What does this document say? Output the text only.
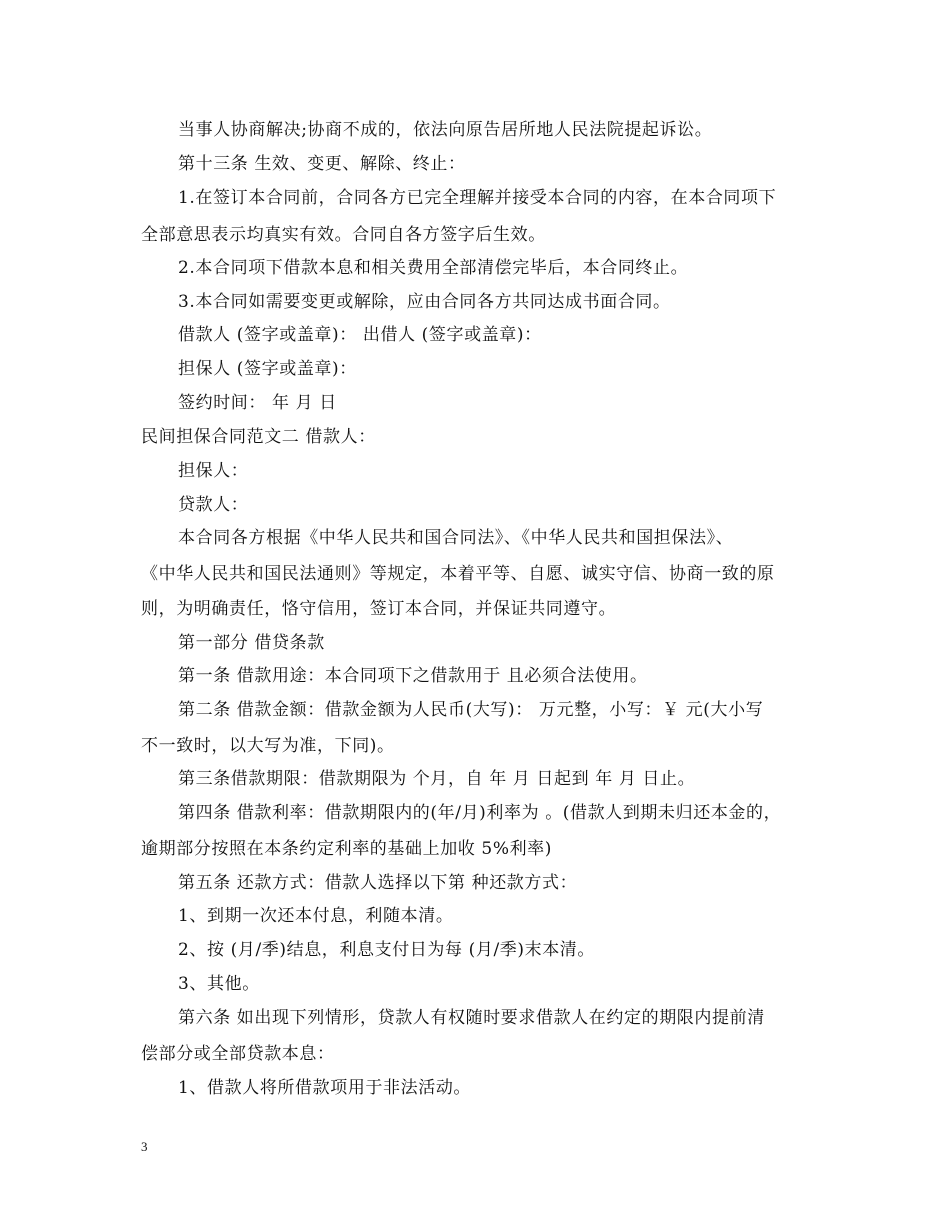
当事人协商解决;协商不成的，依法向原告居所地人民法院提起诉讼。
第十三条 生效、变更、解除、终止：
1.在签订本合同前，合同各方已完全理解并接受本合同的内容，在本合同项下
全部意思表示均真实有效。合同自各方签字后生效。
2.本合同项下借款本息和相关费用全部清偿完毕后，本合同终止。
3.本合同如需要变更或解除，应由合同各方共同达成书面合同。
借款人 (签字或盖章)： 出借人 (签字或盖章)：
担保人 (签字或盖章)：
签约时间： 年 月 日
民间担保合同范文二 借款人：
担保人：
贷款人：
本合同各方根据《中华人民共和国合同法》、《中华人民共和国担保法》、
《中华人民共和国民法通则》等规定，本着平等、自愿、诚实守信、协商一致的原
则，为明确责任，恪守信用，签订本合同，并保证共同遵守。
第一部分 借贷条款
第一条 借款用途：本合同项下之借款用于 且必须合法使用。
第二条 借款金额：借款金额为人民币(大写)： 万元整，小写：￥ 元(大小写
不一致时，以大写为准，下同)。
第三条借款期限：借款期限为 个月，自 年 月 日起到 年 月 日止。
第四条 借款利率：借款期限内的(年/月)利率为 。(借款人到期未归还本金的，
逾期部分按照在本条约定利率的基础上加收 5%利率)
第五条 还款方式：借款人选择以下第 种还款方式：
1、到期一次还本付息，利随本清。
2、按 (月/季)结息，利息支付日为每 (月/季)末本清。
3、其他。
第六条 如出现下列情形，贷款人有权随时要求借款人在约定的期限内提前清
偿部分或全部贷款本息：
1、借款人将所借款项用于非法活动。
3
